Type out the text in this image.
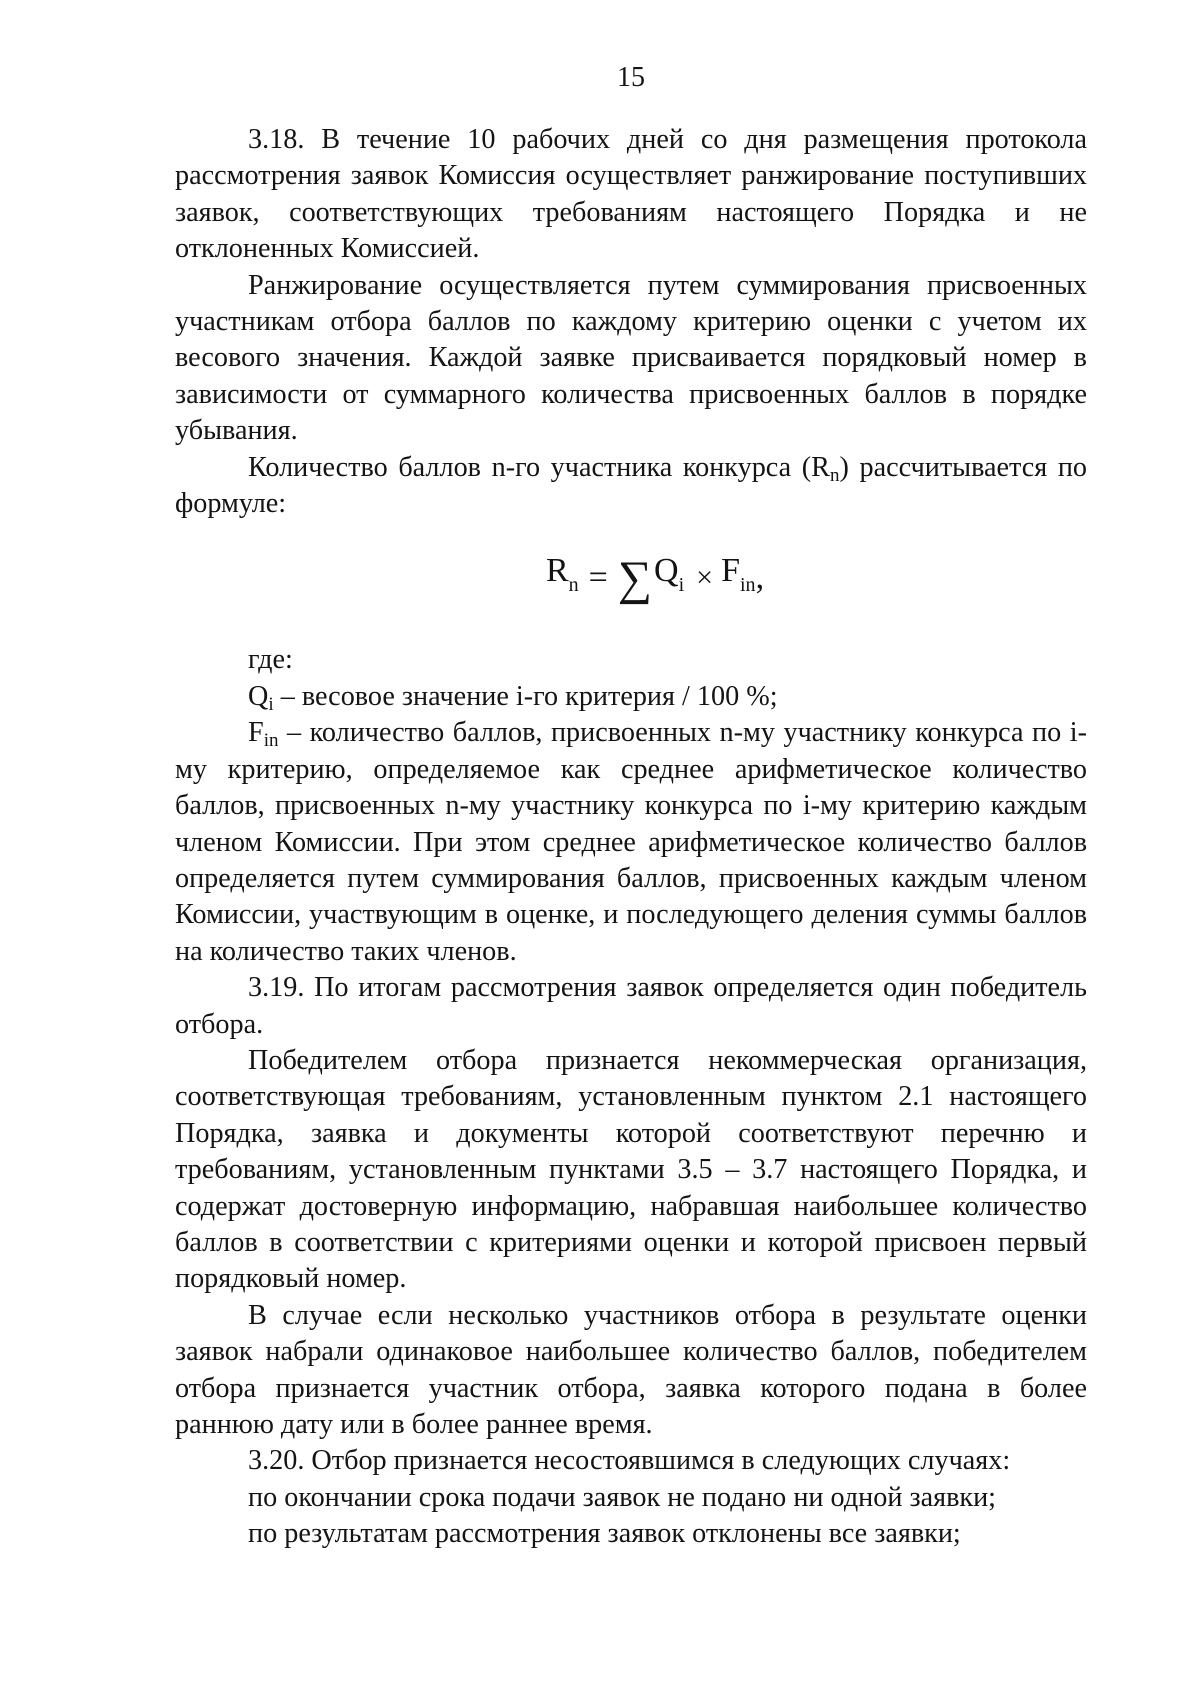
15

3.18. В течение 10 рабочих дней со дня размещения протокола рассмотрения заявок Комиссия осуществляет ранжирование поступивших заявок, соответствующих требованиям настоящего Порядка и не отклоненных Комиссией.

Ранжирование осуществляется путем суммирования присвоенных участникам отбора баллов по каждому критерию оценки с учетом их весового значения. Каждой заявке присваивается порядковый номер в зависимости от суммарного количества присвоенных баллов в порядке убывания.

Количество баллов n-го участника конкурса $(R_n)$ рассчитывается по формуле:

$R_n$ = ∑ $Q_i \times F_{in}$ ,

где:

$Q_i$ – весовое значение i-го критерия / 100 %;

$F_{in}$ – количество баллов, присвоенных n-му участнику конкурса по i-му критерию, определяемое как среднее арифметическое количество баллов, присвоенных n-му участнику конкурса по i-му критерию каждым членом Комиссии. При этом среднее арифметическое количество баллов определяется путем суммирования баллов, присвоенных каждым членом Комиссии, участвующим в оценке, и последующего деления суммы баллов на количество таких членов.

3.19. По итогам рассмотрения заявок определяется один победитель отбора.

Победителем отбора признается некоммерческая организация, соответствующая требованиям, установленным пунктом 2.1 настоящего Порядка, заявка и документы которой соответствуют перечню и требованиям, установленным пунктами 3.5 – 3.7 настоящего Порядка, и содержат достоверную информацию, набравшая наибольшее количество баллов в соответствии с критериями оценки и которой присвоен первый порядковый номер.

В случае если несколько участников отбора в результате оценки заявок набрали одинаковое наибольшее количество баллов, победителем отбора признается участник отбора, заявка которого подана в более раннюю дату или в более раннее время.

3.20. Отбор признается несостоявшимся в следующих случаях:

по окончании срока подачи заявок не подано ни одной заявки;

по результатам рассмотрения заявок отклонены все заявки;
